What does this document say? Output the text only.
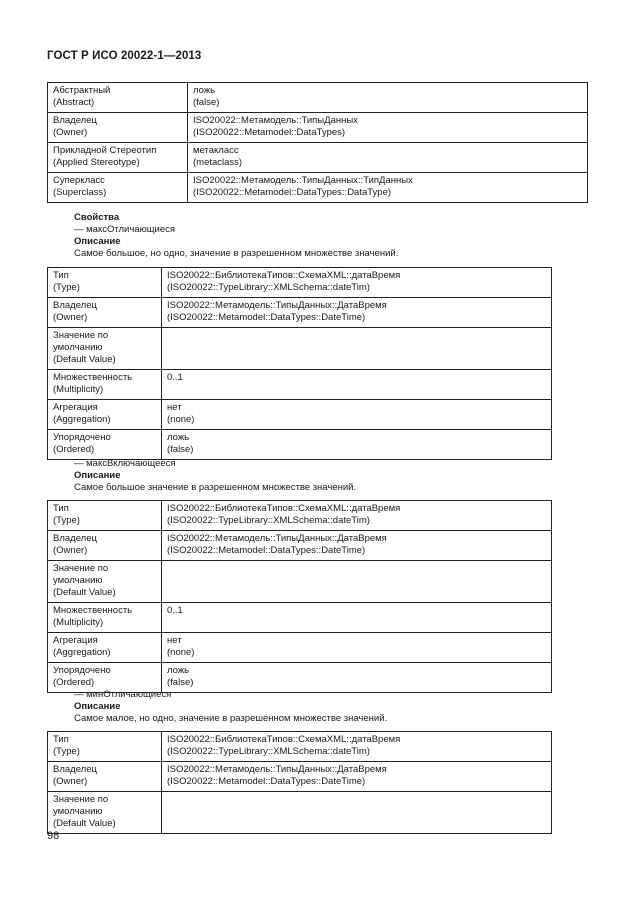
ГОСТ Р ИСО 20022-1—2013
Абстрактный
(Abstract)	ложь
(false)

Владелец
(Owner)	ISO20022::Метамодель::ТипыДанных
(ISO20022::Metamodel::DataTypes)

Прикладной Стереотип
(Applied Stereotype)	метакласс
(metaclass)

Суперкласс
(Superclass)	ISO20022::Метамодель::ТипыДанных::ТипДанных
(ISO20022::Metamodel::DataTypes::DataType)
Свойства
— максОтличающиеся
Описание
Самое большое, но одно, значение в разрешенном множестве значений.
Тип
(Type)	ISO20022::БиблиотекаТипов::СхемаXML::датаВремя
(ISO20022::TypeLibrary::XMLSchema::dateTim)

Владелец
(Owner)	ISO20022::Метамодель::ТипыДанных::ДатаВремя
(ISO20022::Metamodel::DataTypes::DateTime)

Значение по умолчанию
(Default Value)

Множественность
(Multiplicity)	0..1

Агрегация
(Aggregation)	нет
(none)

Упорядочено
(Ordered)	ложь
(false)
— максВключающееся
Описание
Самое большое значение в разрешенном множестве значений.
Тип
(Type)	ISO20022::БиблиотекаТипов::СхемаXML::датаВремя
(ISO20022::TypeLibrary::XMLSchema::dateTim)

Владелец
(Owner)	ISO20022::Метамодель::ТипыДанных::ДатаВремя
(ISO20022::Metamodel::DataTypes::DateTime)

Значение по умолчанию
(Default Value)

Множественность
(Multiplicity)	0..1

Агрегация
(Aggregation)	нет
(none)

Упорядочено
(Ordered)	ложь
(false)
— минОтличающиеся
Описание
Самое малое, но одно, значение в разрешенном множестве значений.
Тип
(Type)	ISO20022::БиблиотекаТипов::СхемаXML::датаВремя
(ISO20022::TypeLibrary::XMLSchema::dateTim)

Владелец
(Owner)	ISO20022::Метамодель::ТипыДанных::ДатаВремя
(ISO20022::Metamodel::DataTypes::DateTime)

Значение по умолчанию
(Default Value)

98
